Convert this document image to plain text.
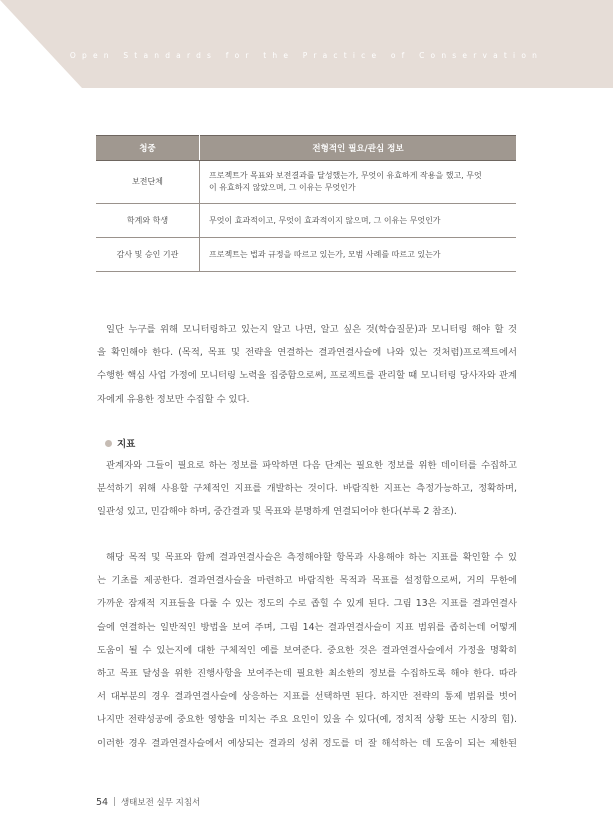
Open Standards for the Practice of Conservation
청중	전형적인 필요/관심 정보
보전단체	프로젝트가 목표와 보전결과를 달성했는가, 무엇이 유효하게 작용을 했고, 무엇
이 유효하지 않았으며, 그 이유는 무엇인가

학계와 학생	무엇이 효과적이고, 무엇이 효과적이지 않으며, 그 이유는 무엇인가

감사 및 승인 기관	프로젝트는 법과 규정을 따르고 있는가, 모범 사례를 따르고 있는가
일단 누구를 위해 모니터링하고 있는지 알고 나면, 알고 싶은 것(학습질문)과 모니터링 해야 할 것
을 확인해야 한다. (목적, 목표 및 전략을 연결하는 결과연결사슬에 나와 있는 것처럼)프로젝트에서
수행한 핵심 사업 가정에 모니터링 노력을 집중함으로써, 프로젝트를 관리할 때 모니터링 당사자와 관계
자에게 유용한 정보만 수집할 수 있다.
지표
관계자와 그들이 필요로 하는 정보를 파악하면 다음 단계는 필요한 정보를 위한 데이터를 수집하고
분석하기 위해 사용할 구체적인 지표를 개발하는 것이다. 바람직한 지표는 측정가능하고, 정확하며,
일관성 있고, 민감해야 하며, 중간결과 및 목표와 분명하게 연결되어야 한다(부록 2 참조).
해당 목적 및 목표와 함께 결과연결사슬은 측정해야할 항목과 사용해야 하는 지표를 확인할 수 있
는 기초를 제공한다. 결과연결사슬을 마련하고 바람직한 목적과 목표를 설정함으로써, 거의 무한에
가까운 잠재적 지표들을 다룰 수 있는 정도의 수로 좁힐 수 있게 된다. 그림 13은 지표를 결과연결사
슬에 연결하는 일반적인 방법을 보여 주며, 그림 14는 결과연결사슬이 지표 범위를 좁히는데 어떻게
도움이 될 수 있는지에 대한 구체적인 예를 보여준다. 중요한 것은 결과연결사슬에서 가정을 명확히
하고 목표 달성을 위한 진행사항을 보여주는데 필요한 최소한의 정보를 수집하도록 해야 한다. 따라
서 대부분의 경우 결과연결사슬에 상응하는 지표를 선택하면 된다. 하지만 전략의 통제 범위를 벗어
나지만 전략성공에 중요한 영향을 미치는 주요 요인이 있을 수 있다(예, 정치적 상황 또는 시장의 힘).
이러한 경우 결과연결사슬에서 예상되는 결과의 성취 정도를 더 잘 해석하는 데 도움이 되는 제한된
54 | 생태보전 실무 지침서
